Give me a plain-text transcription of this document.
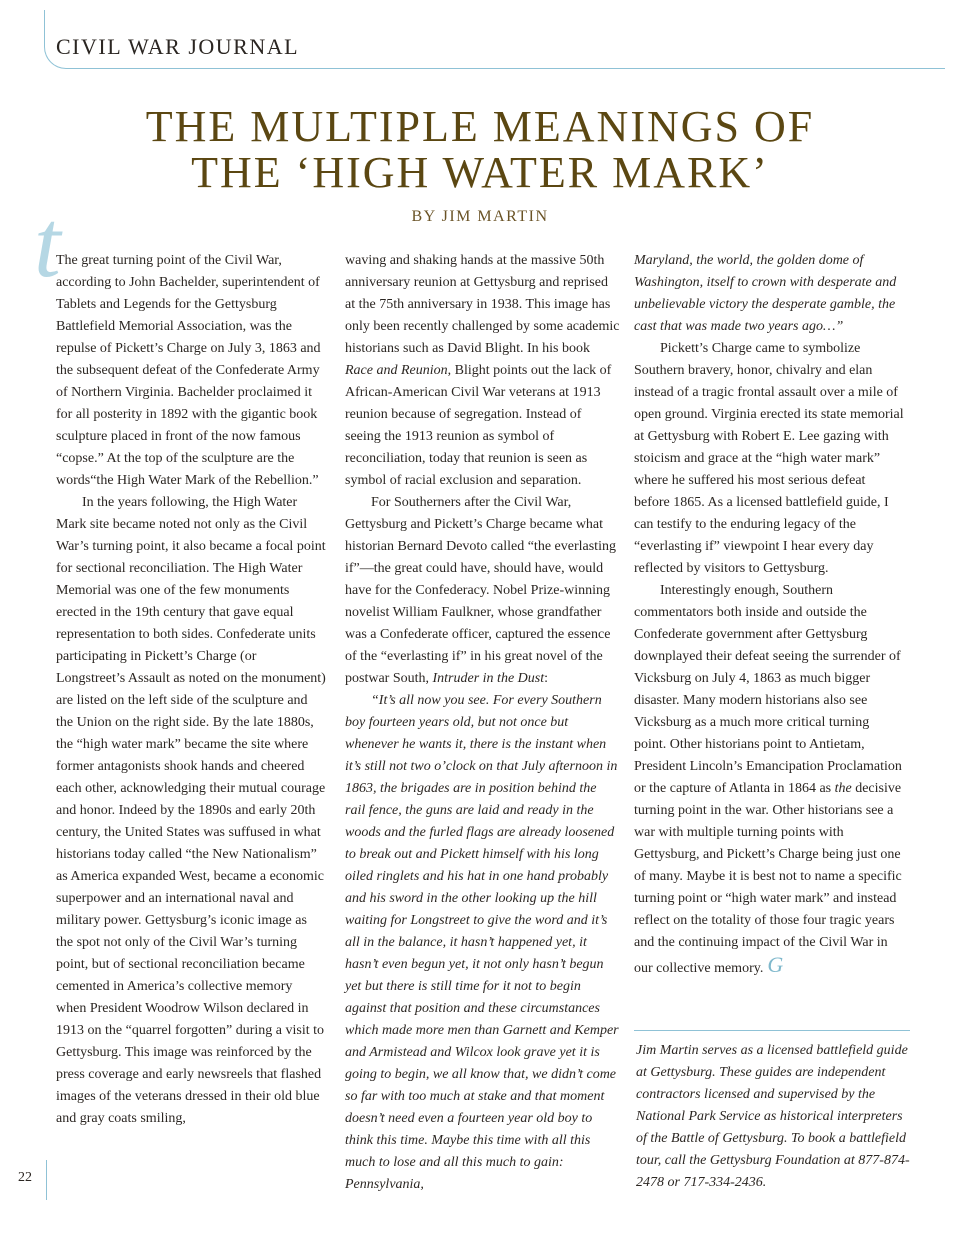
CIVIL WAR JOURNAL
THE MULTIPLE MEANINGS OF
THE ‘HIGH WATER MARK’
BY JIM MARTIN
t

The great turning point of the Civil War, according to John Bachelder, superintendent of Tablets and Legends for the Gettysburg Battlefield Memorial Association, was the repulse of Pickett’s Charge on July 3, 1863 and the subsequent defeat of the Confederate Army of Northern Virginia. Bachelder proclaimed it for all posterity in 1892 with the gigantic book sculpture placed in front of the now famous “copse.” At the top of the sculpture are the words“the High Water Mark of the Rebellion.”

In the years following, the High Water Mark site became noted not only as the Civil War’s turning point, it also became a focal point for sectional reconciliation. The High Water Memorial was one of the few monuments erected in the 19th century that gave equal representation to both sides. Confederate units participating in Pickett’s Charge (or Longstreet’s Assault as noted on the monument) are listed on the left side of the sculpture and the Union on the right side. By the late 1880s, the “high water mark” became the site where former antagonists shook hands and cheered each other, acknowledging their mutual courage and honor. Indeed by the 1890s and early 20th century, the United States was suffused in what historians today called “the New Nationalism” as America expanded West, became a economic superpower and an international naval and military power. Gettysburg’s iconic image as the spot not only of the Civil War’s turning point, but of sectional reconciliation became cemented in America’s collective memory when President Woodrow Wilson declared in 1913 on the “quarrel forgotten” during a visit to Gettysburg. This image was reinforced by the press coverage and early newsreels that flashed images of the veterans dressed in their old blue and gray coats smiling,

waving and shaking hands at the massive 50th anniversary reunion at Gettysburg and reprised at the 75th anniversary in 1938. This image has only been recently challenged by some academic historians such as David Blight. In his book Race and Reunion, Blight points out the lack of African-American Civil War veterans at 1913 reunion because of segregation. Instead of seeing the 1913 reunion as symbol of reconciliation, today that reunion is seen as symbol of racial exclusion and separation.

For Southerners after the Civil War, Gettysburg and Pickett’s Charge became what historian Bernard Devoto called “the everlasting if”—the great could have, should have, would have for the Confederacy. Nobel Prize-winning novelist William Faulkner, whose grandfather was a Confederate officer, captured the essence of the “everlasting if” in his great novel of the postwar South, Intruder in the Dust:

“It’s all now you see. For every Southern boy fourteen years old, but not once but whenever he wants it, there is the instant when it’s still not two o’clock on that July afternoon in 1863, the brigades are in position behind the rail fence, the guns are laid and ready in the woods and the furled flags are already loosened to break out and Pickett himself with his long oiled ringlets and his hat in one hand probably and his sword in the other looking up the hill waiting for Longstreet to give the word and it’s all in the balance, it hasn’t happened yet, it hasn’t even begun yet, it not only hasn’t begun yet but there is still time for it not to begin against that position and these circumstances which made more men than Garnett and Kemper and Armistead and Wilcox look grave yet it is going to begin, we all know that, we didn’t come so far with too much at stake and that moment doesn’t need even a fourteen year old boy to think this time. Maybe this time with all this much to lose and all this much to gain: Pennsylvania,

Maryland, the world, the golden dome of Washington, itself to crown with desperate and unbelievable victory the desperate gamble, the cast that was made two years ago…”

Pickett’s Charge came to symbolize Southern bravery, honor, chivalry and elan instead of a tragic frontal assault over a mile of open ground. Virginia erected its state memorial at Gettysburg with Robert E. Lee gazing with stoicism and grace at the “high water mark” where he suffered his most serious defeat before 1865. As a licensed battlefield guide, I can testify to the enduring legacy of the “everlasting if” viewpoint I hear every day reflected by visitors to Gettysburg.

Interestingly enough, Southern commentators both inside and outside the Confederate government after Gettysburg downplayed their defeat seeing the surrender of Vicksburg on July 4, 1863 as much bigger disaster. Many modern historians also see Vicksburg as a much more critical turning point. Other historians point to Antietam, President Lincoln’s Emancipation Proclamation or the capture of Atlanta in 1864 as the decisive turning point in the war. Other historians see a war with multiple turning points with Gettysburg, and Pickett’s Charge being just one of many. Maybe it is best not to name a specific turning point or “high water mark” and instead reflect on the totality of those four tragic years and the continuing impact of the Civil War in our collective memory. G

Jim Martin serves as a licensed battlefield guide at Gettysburg. These guides are independent contractors licensed and supervised by the National Park Service as historical interpreters of the Battle of Gettysburg. To book a battlefield tour, call the Gettysburg Foundation at 877-874-2478 or 717-334-2436.
22
